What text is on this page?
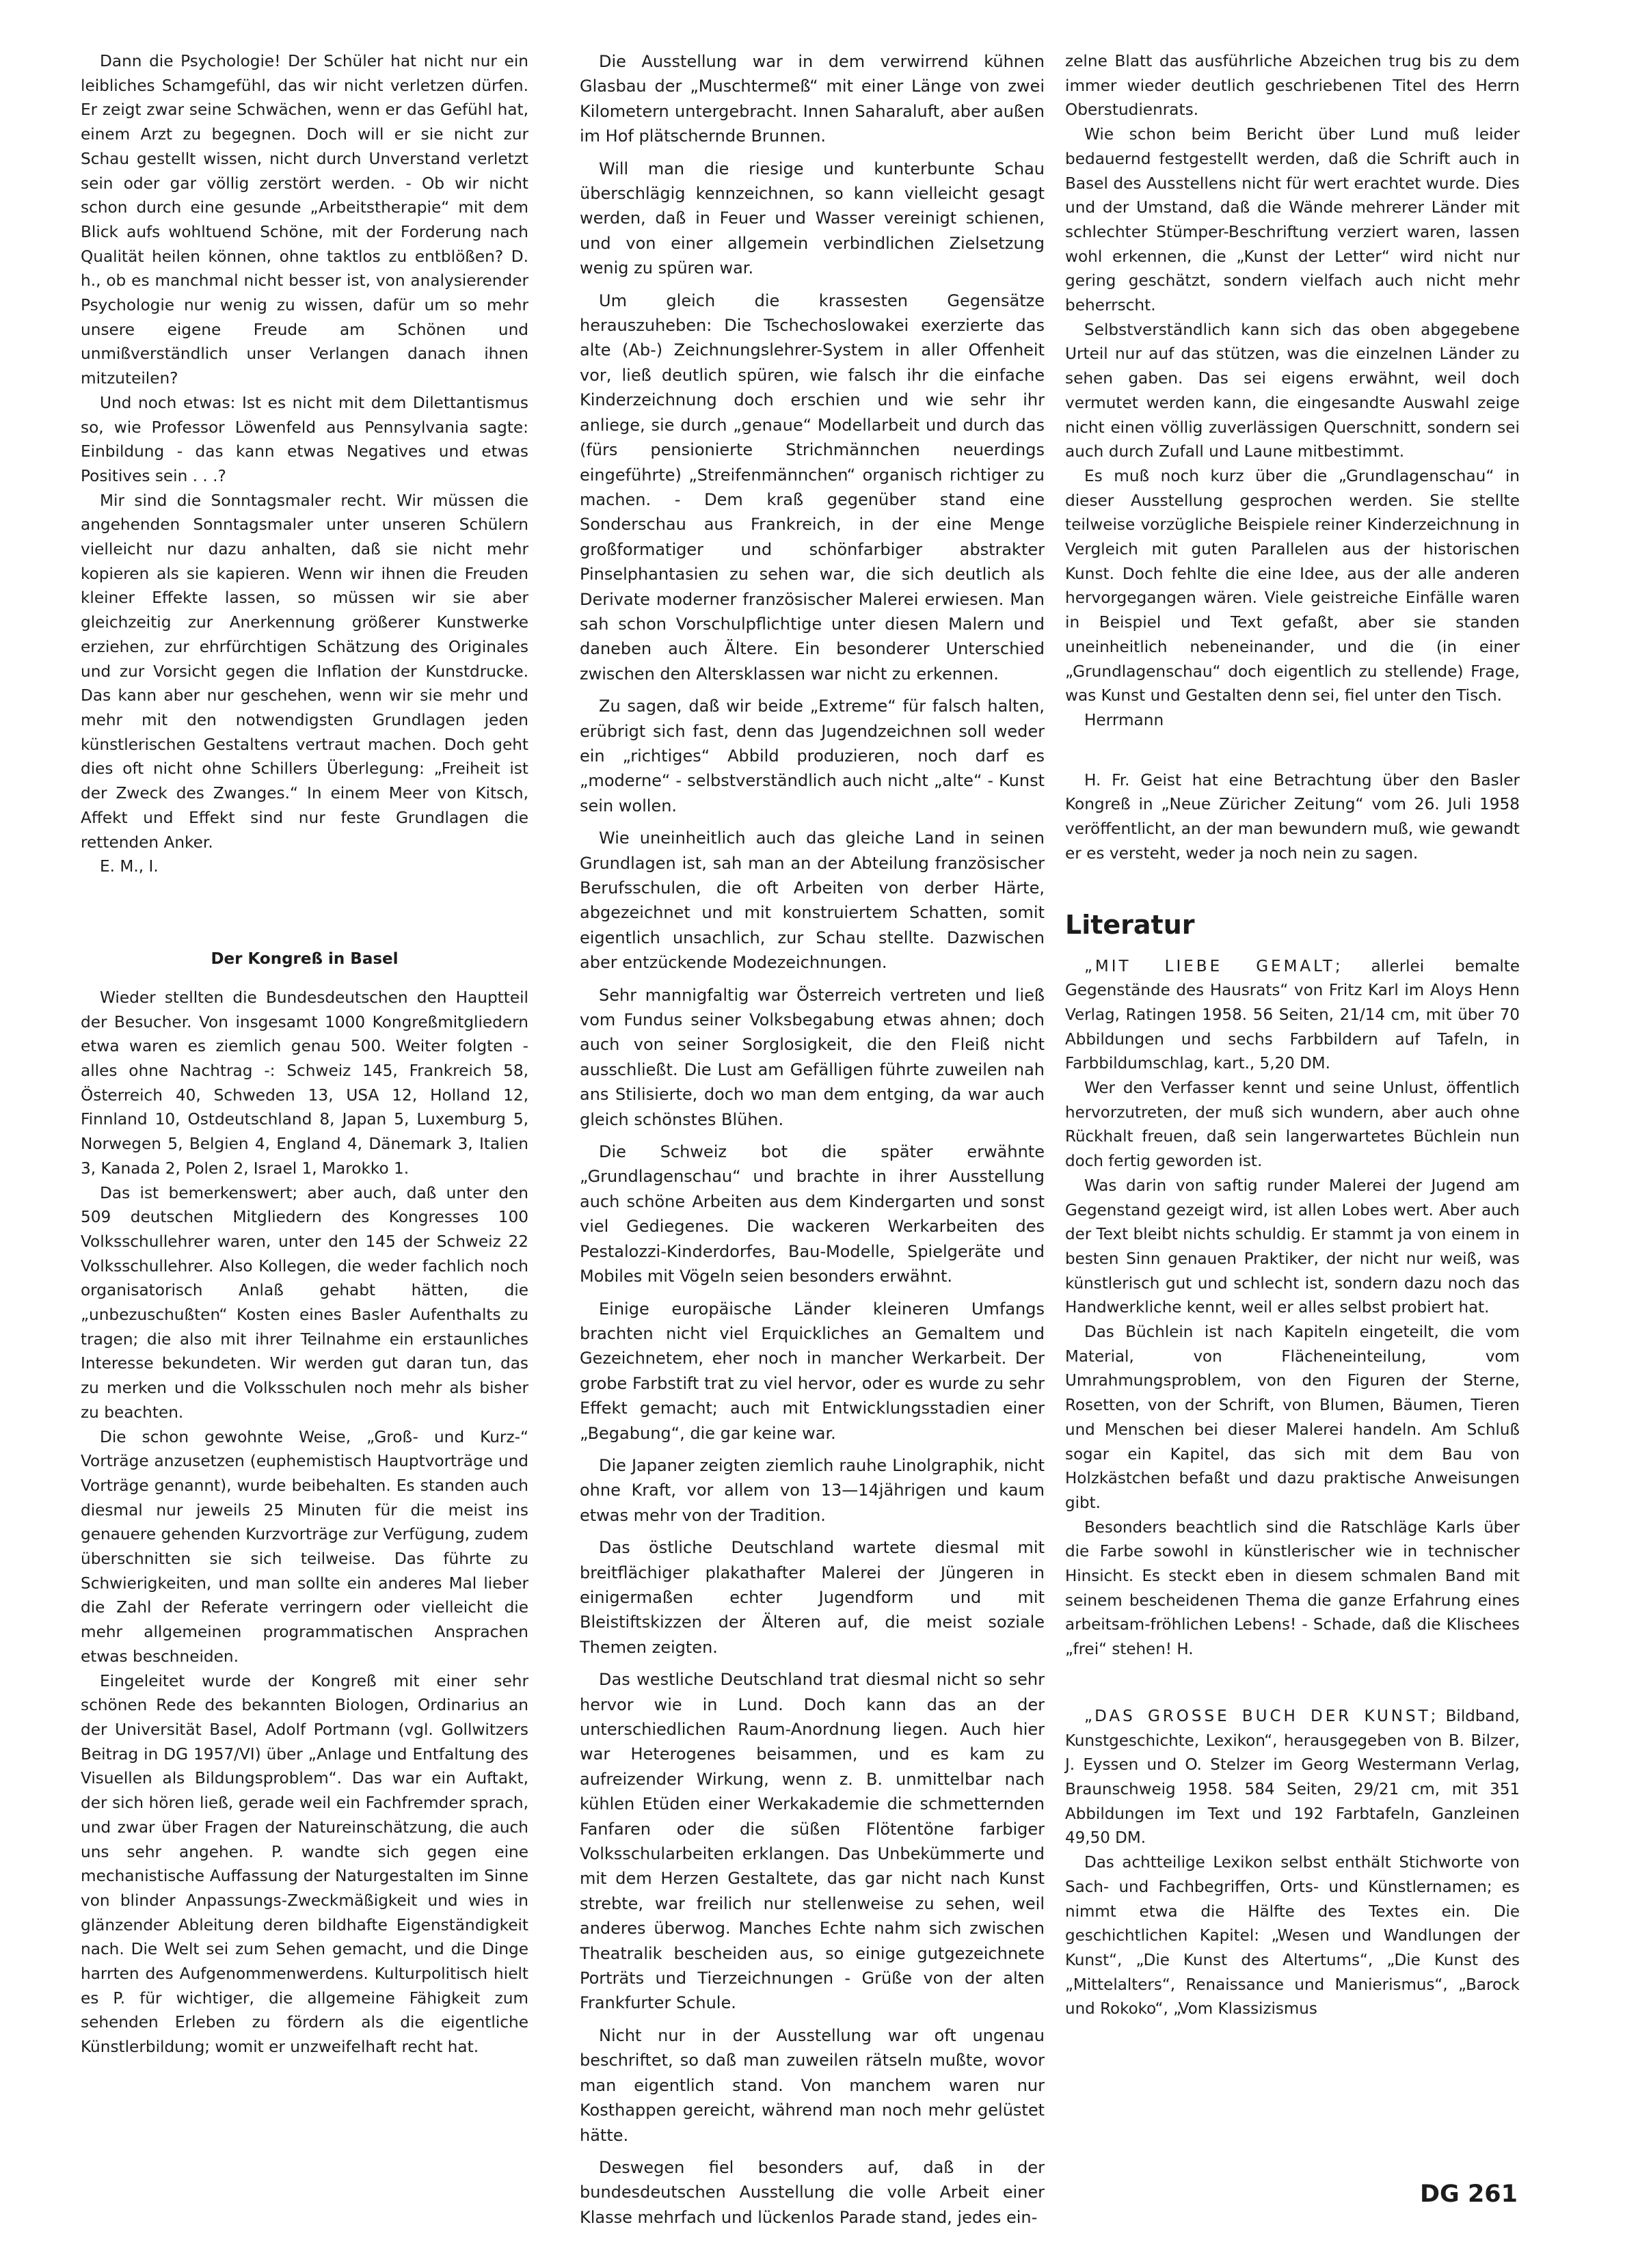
Dann die Psychologie! Der Schüler hat nicht nur ein leibliches Schamgefühl, das wir nicht verletzen dürfen. Er zeigt zwar seine Schwächen, wenn er das Gefühl hat, einem Arzt zu begegnen. Doch will er sie nicht zur Schau gestellt wissen, nicht durch Unverstand verletzt sein oder gar völlig zerstört werden. - Ob wir nicht schon durch eine gesunde „Arbeitstherapie“ mit dem Blick aufs wohltuend Schöne, mit der Forderung nach Qualität heilen können, ohne taktlos zu entblößen? D. h., ob es manchmal nicht besser ist, von analysierender Psychologie nur wenig zu wissen, dafür um so mehr unsere eigene Freude am Schönen und unmißverständlich unser Verlangen danach ihnen mitzuteilen?

Und noch etwas: Ist es nicht mit dem Dilettantismus so, wie Professor Löwenfeld aus Pennsylvania sagte: Einbildung - das kann etwas Negatives und etwas Positives sein . . .?

Mir sind die Sonntagsmaler recht. Wir müssen die angehenden Sonntagsmaler unter unseren Schülern vielleicht nur dazu anhalten, daß sie nicht mehr kopieren als sie kapieren. Wenn wir ihnen die Freuden kleiner Effekte lassen, so müssen wir sie aber gleichzeitig zur Anerkennung größerer Kunstwerke erziehen, zur ehrfürchtigen Schätzung des Originales und zur Vorsicht gegen die Inflation der Kunstdrucke. Das kann aber nur geschehen, wenn wir sie mehr und mehr mit den notwendigsten Grundlagen jeden künstlerischen Gestaltens vertraut machen. Doch geht dies oft nicht ohne Schillers Überlegung: „Freiheit ist der Zweck des Zwanges.“ In einem Meer von Kitsch, Affekt und Effekt sind nur feste Grundlagen die rettenden Anker.

E. M., I.

Der Kongreß in Basel

Wieder stellten die Bundesdeutschen den Hauptteil der Besucher. Von insgesamt 1000 Kongreßmitgliedern etwa waren es ziemlich genau 500. Weiter folgten - alles ohne Nachtrag -: Schweiz 145, Frankreich 58, Österreich 40, Schweden 13, USA 12, Holland 12, Finnland 10, Ostdeutschland 8, Japan 5, Luxemburg 5, Norwegen 5, Belgien 4, England 4, Dänemark 3, Italien 3, Kanada 2, Polen 2, Israel 1, Marokko 1.

Das ist bemerkenswert; aber auch, daß unter den 509 deutschen Mitgliedern des Kongresses 100 Volksschullehrer waren, unter den 145 der Schweiz 22 Volksschullehrer. Also Kollegen, die weder fachlich noch organisatorisch Anlaß gehabt hätten, die „unbezuschußten“ Kosten eines Basler Aufenthalts zu tragen; die also mit ihrer Teilnahme ein erstaunliches Interesse bekundeten. Wir werden gut daran tun, das zu merken und die Volksschulen noch mehr als bisher zu beachten.

Die schon gewohnte Weise, „Groß- und Kurz-“ Vorträge anzusetzen (euphemistisch Hauptvorträge und Vorträge genannt), wurde beibehalten. Es standen auch diesmal nur jeweils 25 Minuten für die meist ins genauere gehenden Kurzvorträge zur Verfügung, zudem überschnitten sie sich teilweise. Das führte zu Schwierigkeiten, und man sollte ein anderes Mal lieber die Zahl der Referate verringern oder vielleicht die mehr allgemeinen programmatischen Ansprachen etwas beschneiden.

Eingeleitet wurde der Kongreß mit einer sehr schönen Rede des bekannten Biologen, Ordinarius an der Universität Basel, Adolf Portmann (vgl. Gollwitzers Beitrag in DG 1957/VI) über „Anlage und Entfaltung des Visuellen als Bildungsproblem“. Das war ein Auftakt, der sich hören ließ, gerade weil ein Fachfremder sprach, und zwar über Fragen der Natureinschätzung, die auch uns sehr angehen. P. wandte sich gegen eine mechanistische Auffassung der Naturgestalten im Sinne von blinder Anpassungs-Zweckmäßigkeit und wies in glänzender Ableitung deren bildhafte Eigenständigkeit nach. Die Welt sei zum Sehen gemacht, und die Dinge harrten des Aufgenommenwerdens. Kulturpolitisch hielt es P. für wichtiger, die allgemeine Fähigkeit zum sehenden Erleben zu fördern als die eigentliche Künstlerbildung; womit er unzweifelhaft recht hat.

Die Ausstellung war in dem verwirrend kühnen Glasbau der „Muschtermeß“ mit einer Länge von zwei Kilometern untergebracht. Innen Saharaluft, aber außen im Hof plätschernde Brunnen.

Will man die riesige und kunterbunte Schau überschlägig kennzeichnen, so kann vielleicht gesagt werden, daß in Feuer und Wasser vereinigt schienen, und von einer allgemein verbindlichen Zielsetzung wenig zu spüren war.

Um gleich die krassesten Gegensätze herauszuheben: Die Tschechoslowakei exerzierte das alte (Ab-) Zeichnungslehrer-System in aller Offenheit vor, ließ deutlich spüren, wie falsch ihr die einfache Kinderzeichnung doch erschien und wie sehr ihr anliege, sie durch „genaue“ Modellarbeit und durch das (fürs pensionierte Strichmännchen neuerdings eingeführte) „Streifenmännchen“ organisch richtiger zu machen. - Dem kraß gegenüber stand eine Sonderschau aus Frankreich, in der eine Menge großformatiger und schönfarbiger abstrakter Pinselphantasien zu sehen war, die sich deutlich als Derivate moderner französischer Malerei erwiesen. Man sah schon Vorschulpflichtige unter diesen Malern und daneben auch Ältere. Ein besonderer Unterschied zwischen den Altersklassen war nicht zu erkennen.

Zu sagen, daß wir beide „Extreme“ für falsch halten, erübrigt sich fast, denn das Jugendzeichnen soll weder ein „richtiges“ Abbild produzieren, noch darf es „moderne“ - selbstverständlich auch nicht „alte“ - Kunst sein wollen.

Wie uneinheitlich auch das gleiche Land in seinen Grundlagen ist, sah man an der Abteilung französischer Berufsschulen, die oft Arbeiten von derber Härte, abgezeichnet und mit konstruiertem Schatten, somit eigentlich unsachlich, zur Schau stellte. Dazwischen aber entzückende Modezeichnungen.

Sehr mannigfaltig war Österreich vertreten und ließ vom Fundus seiner Volksbegabung etwas ahnen; doch auch von seiner Sorglosigkeit, die den Fleiß nicht ausschließt. Die Lust am Gefälligen führte zuweilen nah ans Stilisierte, doch wo man dem entging, da war auch gleich schönstes Blühen.

Die Schweiz bot die später erwähnte „Grundlagenschau“ und brachte in ihrer Ausstellung auch schöne Arbeiten aus dem Kindergarten und sonst viel Gediegenes. Die wackeren Werkarbeiten des Pestalozzi-Kinderdorfes, Bau-Modelle, Spielgeräte und Mobiles mit Vögeln seien besonders erwähnt.

Einige europäische Länder kleineren Umfangs brachten nicht viel Erquickliches an Gemaltem und Gezeichnetem, eher noch in mancher Werkarbeit. Der grobe Farbstift trat zu viel hervor, oder es wurde zu sehr Effekt gemacht; auch mit Entwicklungsstadien einer „Begabung“, die gar keine war.

Die Japaner zeigten ziemlich rauhe Linolgraphik, nicht ohne Kraft, vor allem von 13—14jährigen und kaum etwas mehr von der Tradition.

Das östliche Deutschland wartete diesmal mit breitflächiger plakathafter Malerei der Jüngeren in einigermaßen echter Jugendform und mit Bleistiftskizzen der Älteren auf, die meist soziale Themen zeigten.

Das westliche Deutschland trat diesmal nicht so sehr hervor wie in Lund. Doch kann das an der unterschiedlichen Raum-Anordnung liegen. Auch hier war Heterogenes beisammen, und es kam zu aufreizender Wirkung, wenn z. B. unmittelbar nach kühlen Etüden einer Werkakademie die schmetternden Fanfaren oder die süßen Flötentöne farbiger Volksschularbeiten erklangen. Das Unbekümmerte und mit dem Herzen Gestaltete, das gar nicht nach Kunst strebte, war freilich nur stellenweise zu sehen, weil anderes überwog. Manches Echte nahm sich zwischen Theatralik bescheiden aus, so einige gutgezeichnete Porträts und Tierzeichnungen - Grüße von der alten Frankfurter Schule.

Nicht nur in der Ausstellung war oft ungenau beschriftet, so daß man zuweilen rätseln mußte, wovor man eigentlich stand. Von manchem waren nur Kosthappen gereicht, während man noch mehr gelüstet hätte.

Deswegen fiel besonders auf, daß in der bundesdeutschen Ausstellung die volle Arbeit einer Klasse mehrfach und lückenlos Parade stand, jedes ein-

zelne Blatt das ausführliche Abzeichen trug bis zu dem immer wieder deutlich geschriebenen Titel des Herrn Oberstudienrats.

Wie schon beim Bericht über Lund muß leider bedauernd festgestellt werden, daß die Schrift auch in Basel des Ausstellens nicht für wert erachtet wurde. Dies und der Umstand, daß die Wände mehrerer Länder mit schlechter Stümper-Beschriftung verziert waren, lassen wohl erkennen, die „Kunst der Letter“ wird nicht nur gering geschätzt, sondern vielfach auch nicht mehr beherrscht.

Selbstverständlich kann sich das oben abgegebene Urteil nur auf das stützen, was die einzelnen Länder zu sehen gaben. Das sei eigens erwähnt, weil doch vermutet werden kann, die eingesandte Auswahl zeige nicht einen völlig zuverlässigen Querschnitt, sondern sei auch durch Zufall und Laune mitbestimmt.

Es muß noch kurz über die „Grundlagenschau“ in dieser Ausstellung gesprochen werden. Sie stellte teilweise vorzügliche Beispiele reiner Kinderzeichnung in Vergleich mit guten Parallelen aus der historischen Kunst. Doch fehlte die eine Idee, aus der alle anderen hervorgegangen wären. Viele geistreiche Einfälle waren in Beispiel und Text gefaßt, aber sie standen uneinheitlich nebeneinander, und die (in einer „Grundlagenschau“ doch eigentlich zu stellende) Frage, was Kunst und Gestalten denn sei, fiel unter den Tisch.

Herrmann

H. Fr. Geist hat eine Betrachtung über den Basler Kongreß in „Neue Züricher Zeitung“ vom 26. Juli 1958 veröffentlicht, an der man bewundern muß, wie gewandt er es versteht, weder ja noch nein zu sagen.

Literatur

„MIT LIEBE GEMALT; allerlei bemalte Gegenstände des Hausrats“ von Fritz Karl im Aloys Henn Verlag, Ratingen 1958. 56 Seiten, 21/14 cm, mit über 70 Abbildungen und sechs Farbbildern auf Tafeln, in Farbbildumschlag, kart., 5,20 DM.

Wer den Verfasser kennt und seine Unlust, öffentlich hervorzutreten, der muß sich wundern, aber auch ohne Rückhalt freuen, daß sein langerwartetes Büchlein nun doch fertig geworden ist.

Was darin von saftig runder Malerei der Jugend am Gegenstand gezeigt wird, ist allen Lobes wert. Aber auch der Text bleibt nichts schuldig. Er stammt ja von einem in besten Sinn genauen Praktiker, der nicht nur weiß, was künstlerisch gut und schlecht ist, sondern dazu noch das Handwerkliche kennt, weil er alles selbst probiert hat.

Das Büchlein ist nach Kapiteln eingeteilt, die vom Material, von Flächeneinteilung, vom Umrahmungsproblem, von den Figuren der Sterne, Rosetten, von der Schrift, von Blumen, Bäumen, Tieren und Menschen bei dieser Malerei handeln. Am Schluß sogar ein Kapitel, das sich mit dem Bau von Holzkästchen befaßt und dazu praktische Anweisungen gibt.

Besonders beachtlich sind die Ratschläge Karls über die Farbe sowohl in künstlerischer wie in technischer Hinsicht. Es steckt eben in diesem schmalen Band mit seinem bescheidenen Thema die ganze Erfahrung eines arbeitsam-fröhlichen Lebens! - Schade, daß die Klischees „frei“ stehen! H.

„DAS GROSSE BUCH DER KUNST; Bildband, Kunstgeschichte, Lexikon“, herausgegeben von B. Bilzer, J. Eyssen und O. Stelzer im Georg Westermann Verlag, Braunschweig 1958. 584 Seiten, 29/21 cm, mit 351 Abbildungen im Text und 192 Farbtafeln, Ganzleinen 49,50 DM.

Das achtteilige Lexikon selbst enthält Stichworte von Sach- und Fachbegriffen, Orts- und Künstlernamen; es nimmt etwa die Hälfte des Textes ein. Die geschichtlichen Kapitel: „Wesen und Wandlungen der Kunst“, „Die Kunst des Altertums“, „Die Kunst des „Mittelalters“, Renaissance und Manierismus“, „Barock und Rokoko“, „Vom Klassizismus

DG 261
